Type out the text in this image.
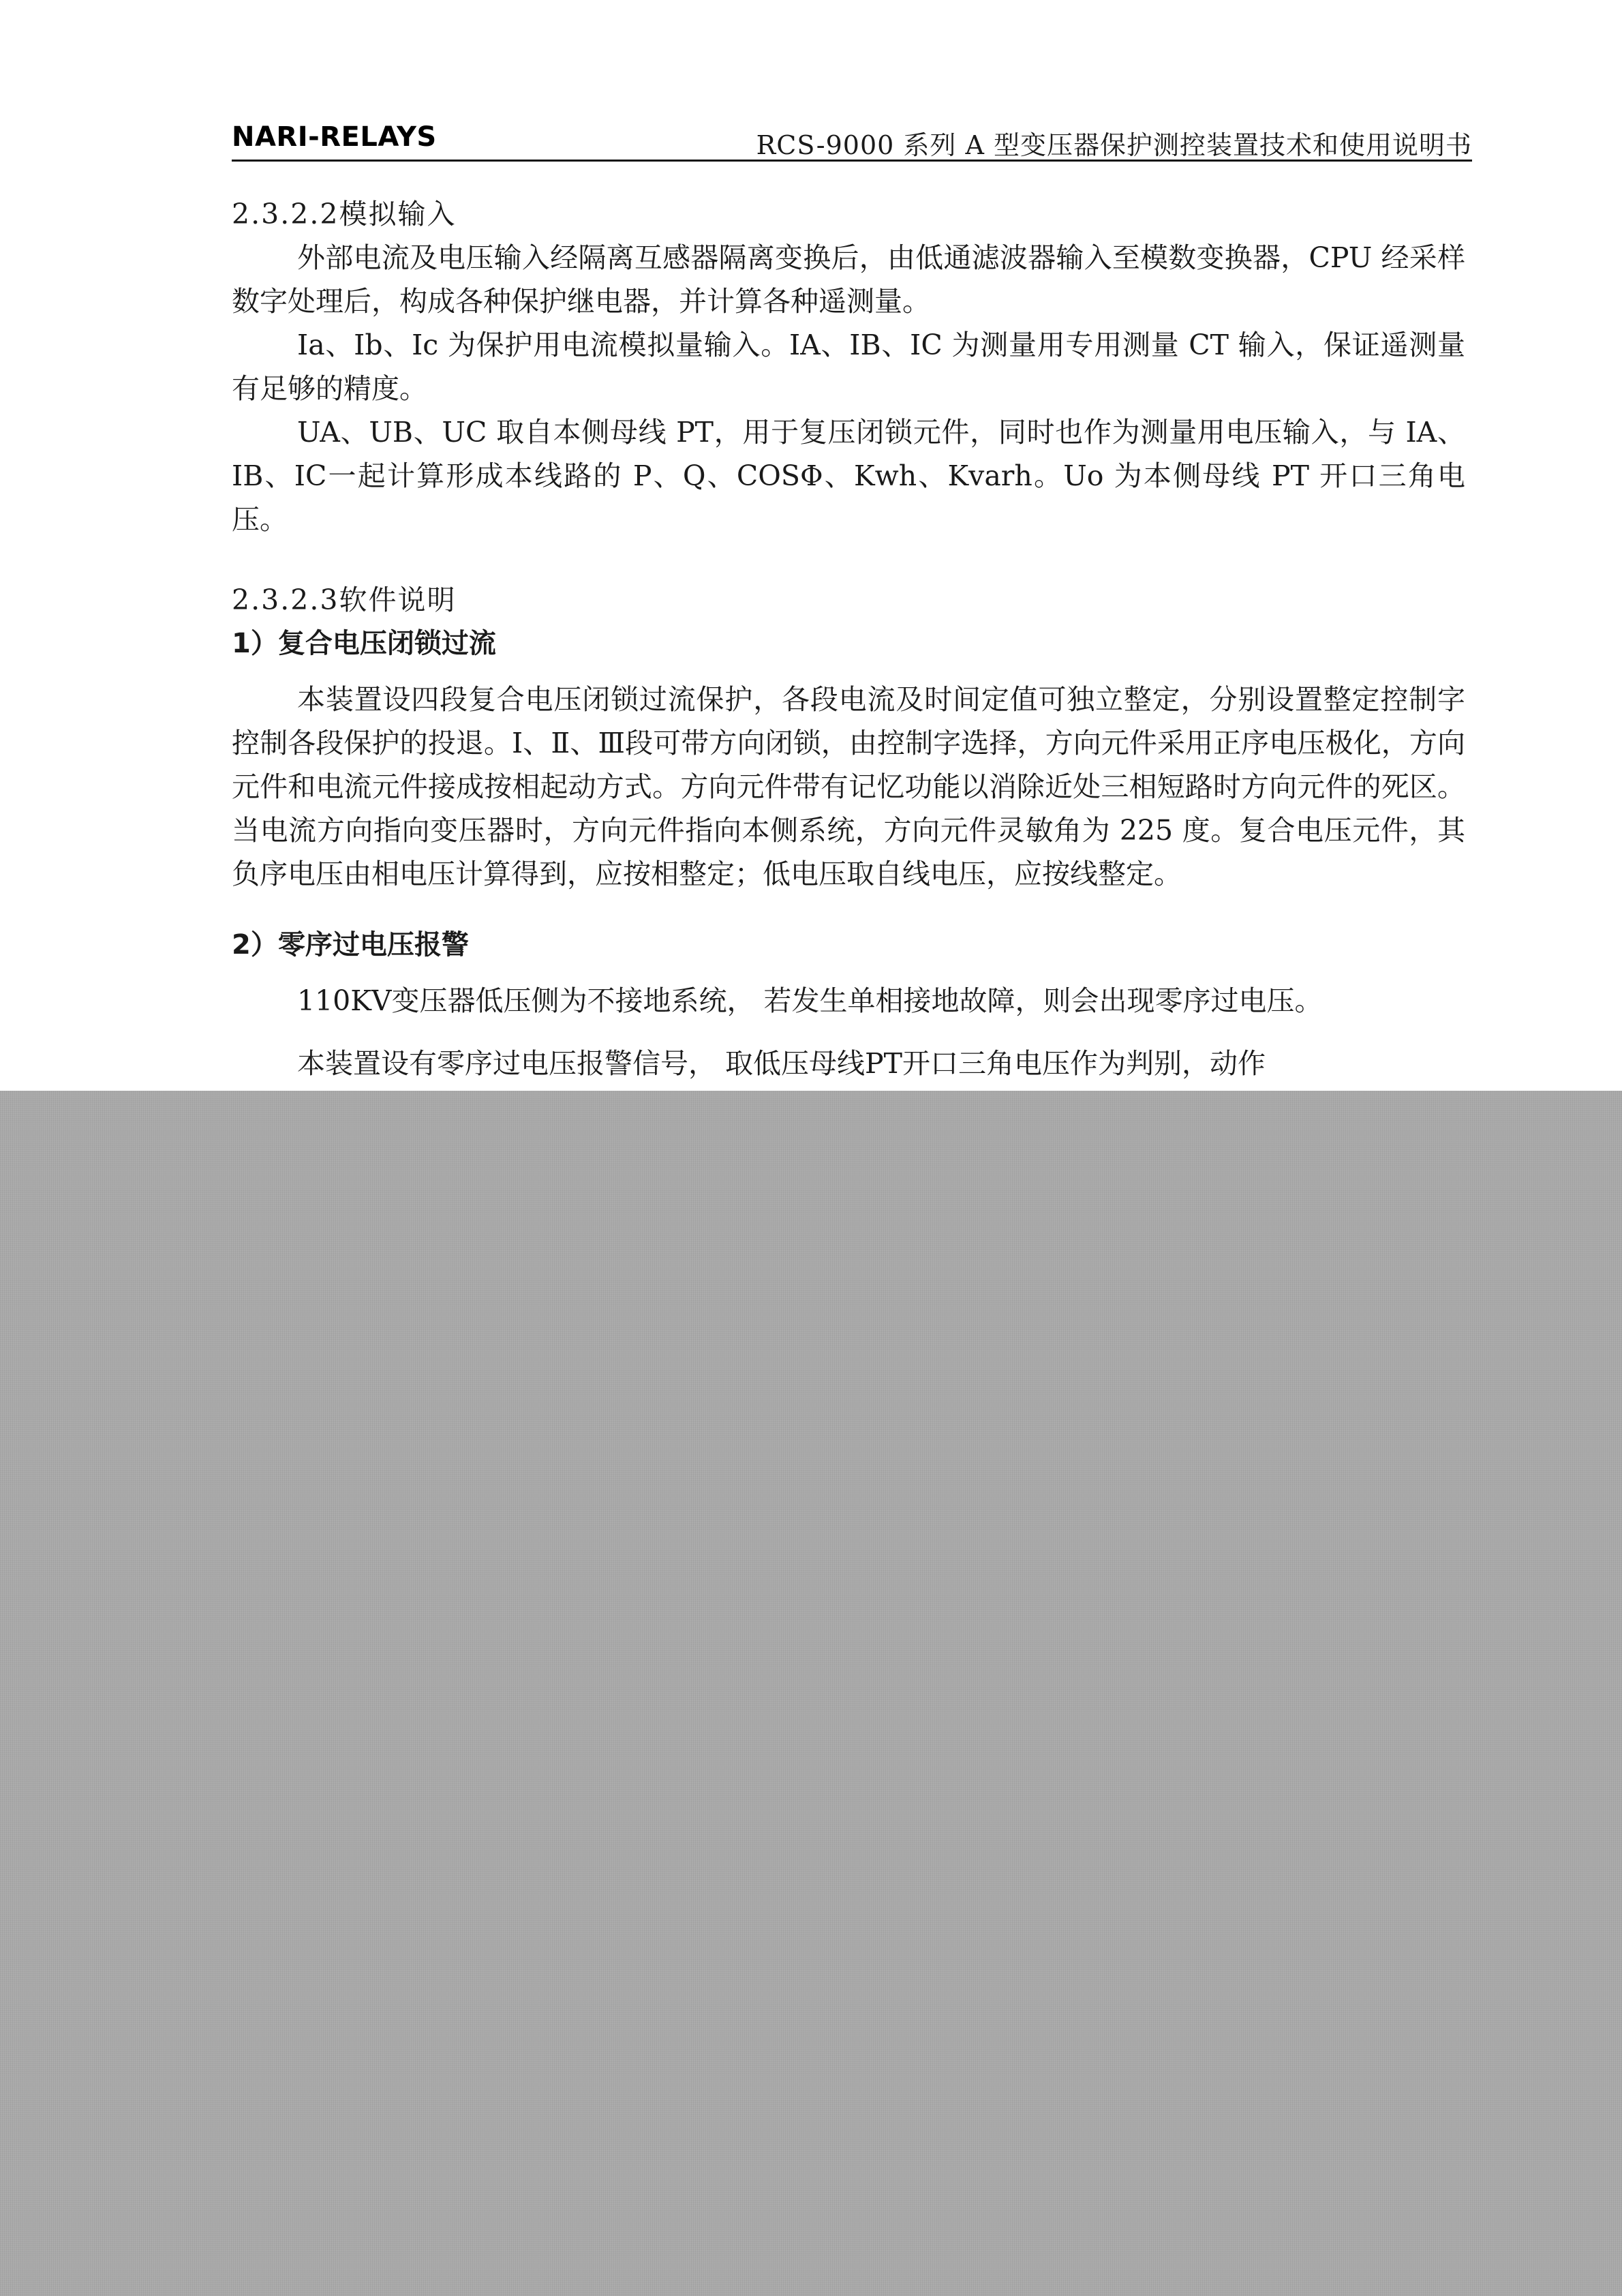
NARI-RELAYS	RCS-9000 系列 A 型变压器保护测控装置技术和使用说明书

2.3.2.2模拟输入

外部电流及电压输入经隔离互感器隔离变换后，由低通滤波器输入至模数变换器，CPU 经采样数字处理后，构成各种保护继电器，并计算各种遥测量。

Ia、Ib、Ic 为保护用电流模拟量输入。IA、IB、IC 为测量用专用测量 CT 输入，保证遥测量有足够的精度。

UA、UB、UC 取自本侧母线 PT，用于复压闭锁元件，同时也作为测量用电压输入，与 IA、IB、IC一起计算形成本线路的 P、Q、COSΦ、Kwh、Kvarh。Uo 为本侧母线 PT 开口三角电压。

2.3.2.3软件说明

1）复合电压闭锁过流

本装置设四段复合电压闭锁过流保护，各段电流及时间定值可独立整定，分别设置整定控制字控制各段保护的投退。Ⅰ、Ⅱ、Ⅲ段可带方向闭锁，由控制字选择，方向元件采用正序电压极化，方向元件和电流元件接成按相起动方式。方向元件带有记忆功能以消除近处三相短路时方向元件的死区。当电流方向指向变压器时，方向元件指向本侧系统，方向元件灵敏角为 225 度。复合电压元件，其负序电压由相电压计算得到，应按相整定；低电压取自线电压，应按线整定。

2）零序过电压报警

110KV变压器低压侧为不接地系统， 若发生单相接地故障，则会出现零序过电压。

本装置设有零序过电压报警信号， 取低压母线PT开口三角电压作为判别，动作
